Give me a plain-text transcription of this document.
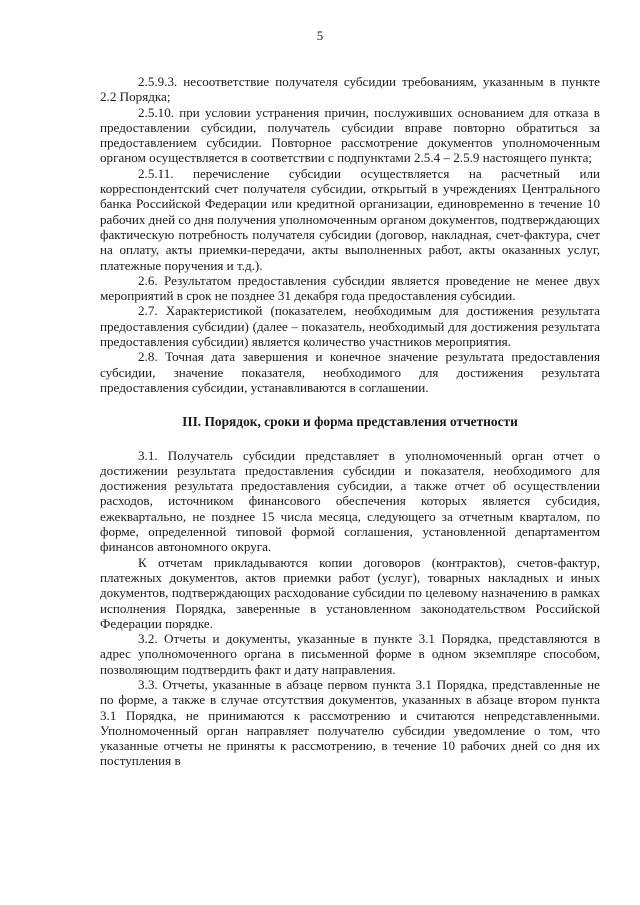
5

2.5.9.3. несоответствие получателя субсидии требованиям, указанным в пункте 2.2 Порядка;

2.5.10. при условии устранения причин, послуживших основанием для отказа в предоставлении субсидии, получатель субсидии вправе повторно обратиться за предоставлением субсидии. Повторное рассмотрение документов уполномоченным органом осуществляется в соответствии с подпунктами 2.5.4 – 2.5.9 настоящего пункта;

2.5.11. перечисление субсидии осуществляется на расчетный или корреспондентский счет получателя субсидии, открытый в учреждениях Центрального банка Российской Федерации или кредитной организации, единовременно в течение 10 рабочих дней со дня получения уполномоченным органом документов, подтверждающих фактическую потребность получателя субсидии (договор, накладная, счет-фактура, счет на оплату, акты приемки-передачи, акты выполненных работ, акты оказанных услуг, платежные поручения и т.д.).

2.6. Результатом предоставления субсидии является проведение не менее двух мероприятий в срок не позднее 31 декабря года предоставления субсидии.

2.7. Характеристикой (показателем, необходимым для достижения результата предоставления субсидии) (далее – показатель, необходимый для достижения результата предоставления субсидии) является количество участников мероприятия.

2.8. Точная дата завершения и конечное значение результата предоставления субсидии, значение показателя, необходимого для достижения результата предоставления субсидии, устанавливаются в соглашении.

III. Порядок, сроки и форма представления отчетности

3.1. Получатель субсидии представляет в уполномоченный орган отчет о достижении результата предоставления субсидии и показателя, необходимого для достижения результата предоставления субсидии, а также отчет об осуществлении расходов, источником финансового обеспечения которых является субсидия, ежеквартально, не позднее 15 числа месяца, следующего за отчетным кварталом, по форме, определенной типовой формой соглашения, установленной департаментом финансов автономного округа.

К отчетам прикладываются копии договоров (контрактов), счетов-фактур, платежных документов, актов приемки работ (услуг), товарных накладных и иных документов, подтверждающих расходование субсидии по целевому назначению в рамках исполнения Порядка, заверенные в установленном законодательством Российской Федерации порядке.

3.2. Отчеты и документы, указанные в пункте 3.1 Порядка, представляются в адрес уполномоченного органа в письменной форме в одном экземпляре способом, позволяющим подтвердить факт и дату направления.

3.3. Отчеты, указанные в абзаце первом пункта 3.1 Порядка, представленные не по форме, а также в случае отсутствия документов, указанных в абзаце втором пункта 3.1 Порядка, не принимаются к рассмотрению и считаются непредставленными. Уполномоченный орган направляет получателю субсидии уведомление о том, что указанные отчеты не приняты к рассмотрению, в течение 10 рабочих дней со дня их поступления в
